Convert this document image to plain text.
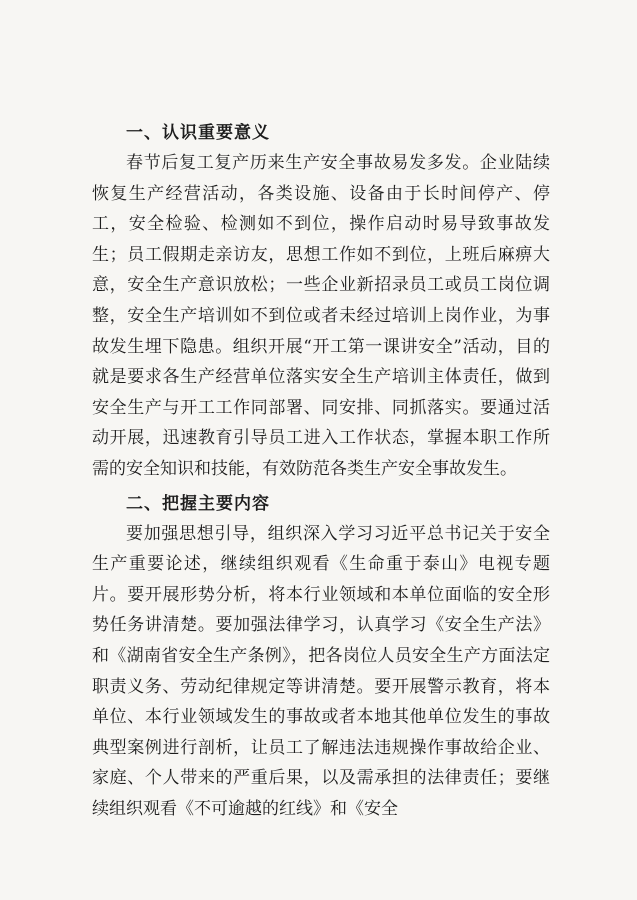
一、认识重要意义

春节后复工复产历来生产安全事故易发多发。企业陆续恢复生产经营活动，各类设施、设备由于长时间停产、停工，安全检验、检测如不到位，操作启动时易导致事故发生；员工假期走亲访友，思想工作如不到位，上班后麻痹大意，安全生产意识放松；一些企业新招录员工或员工岗位调整，安全生产培训如不到位或者未经过培训上岗作业，为事故发生埋下隐患。组织开展“开工第一课讲安全”活动，目的就是要求各生产经营单位落实安全生产培训主体责任，做到安全生产与开工工作同部署、同安排、同抓落实。要通过活动开展，迅速教育引导员工进入工作状态，掌握本职工作所需的安全知识和技能，有效防范各类生产安全事故发生。

二、把握主要内容

要加强思想引导，组织深入学习习近平总书记关于安全生产重要论述，继续组织观看《生命重于泰山》电视专题片。要开展形势分析，将本行业领域和本单位面临的安全形势任务讲清楚。要加强法律学习，认真学习《安全生产法》和《湖南省安全生产条例》，把各岗位人员安全生产方面法定职责义务、劳动纪律规定等讲清楚。要开展警示教育，将本单位、本行业领域发生的事故或者本地其他单位发生的事故典型案例进行剖析，让员工了解违法违规操作事故给企业、家庭、个人带来的严重后果，以及需承担的法律责任；要继续组织观看《不可逾越的红线》和《安全
